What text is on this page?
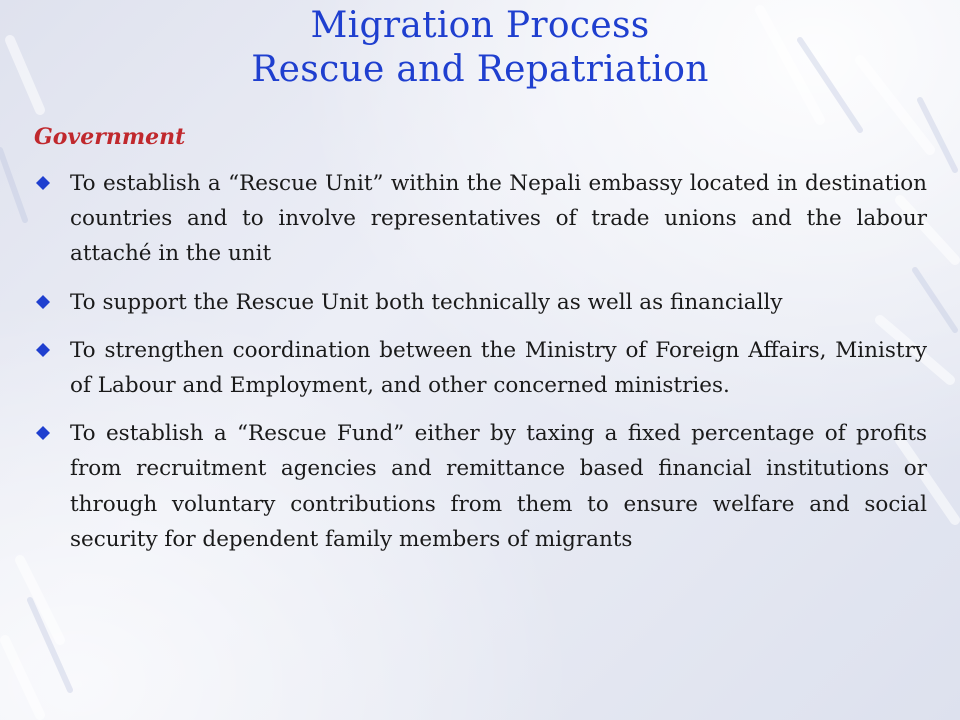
Migration Process
Rescue and Repatriation
Government
To establish a “Rescue Unit” within the Nepali embassy located in destination countries and to involve representatives of trade unions and the labour attaché in the unit
To support the Rescue Unit both technically as well as financially
To strengthen coordination between the Ministry of Foreign Affairs, Ministry of Labour and Employment, and other concerned ministries.
To establish a “Rescue Fund” either by taxing a fixed percentage of profits from recruitment agencies and remittance based financial institutions or through voluntary contributions from them to ensure welfare and social security for dependent family members of migrants
